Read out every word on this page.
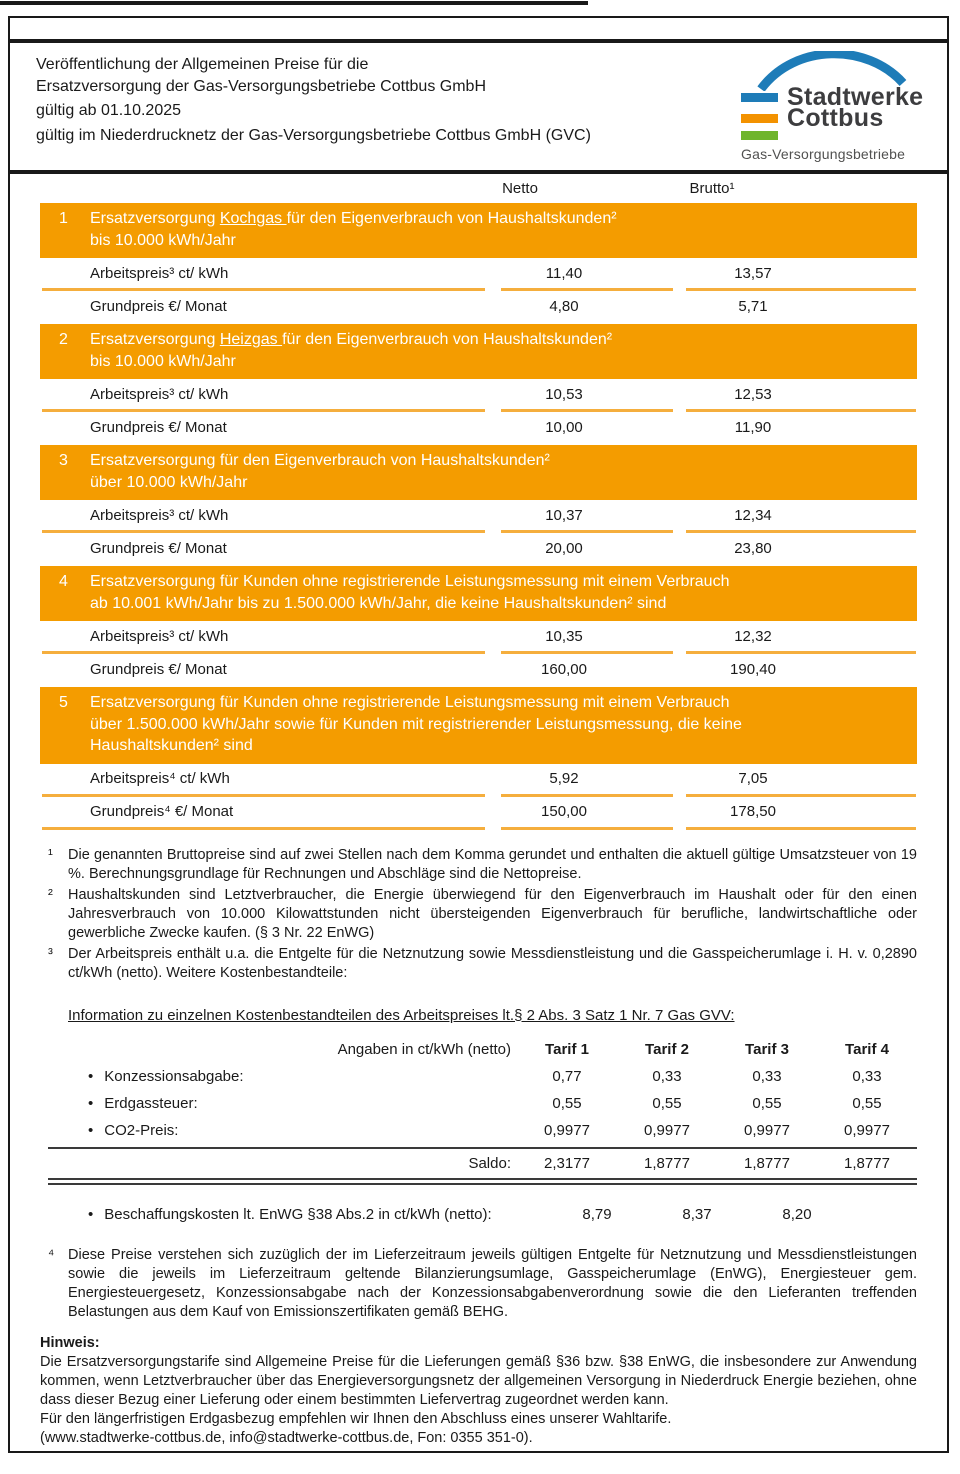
Veröffentlichung der Allgemeinen Preise für die
Ersatzversorgung der Gas-Versorgungsbetriebe Cottbus GmbH
gültig ab 01.10.2025
gültig im Niederdrucknetz der Gas-Versorgungsbetriebe Cottbus GmbH (GVC)
Stadtwerke
Cottbus
Gas-Versorgungsbetriebe
Netto	Brutto¹
1	Ersatzversorgung Kochgas für den Eigenverbrauch von Haushaltskunden²
bis 10.000 kWh/Jahr
Arbeitspreis³ ct/ kWh	11,40	13,57
Grundpreis €/ Monat	4,80	5,71
2	Ersatzversorgung Heizgas für den Eigenverbrauch von Haushaltskunden²
bis 10.000 kWh/Jahr
Arbeitspreis³ ct/ kWh	10,53	12,53
Grundpreis €/ Monat	10,00	11,90
3	Ersatzversorgung für den Eigenverbrauch von Haushaltskunden²
über 10.000 kWh/Jahr
Arbeitspreis³ ct/ kWh	10,37	12,34
Grundpreis €/ Monat	20,00	23,80
4	Ersatzversorgung für Kunden ohne registrierende Leistungsmessung mit einem Verbrauch
ab 10.001 kWh/Jahr bis zu 1.500.000 kWh/Jahr, die keine Haushaltskunden² sind
Arbeitspreis³ ct/ kWh	10,35	12,32
Grundpreis €/ Monat	160,00	190,40
5	Ersatzversorgung für Kunden ohne registrierende Leistungsmessung mit einem Verbrauch
über 1.500.000 kWh/Jahr sowie für Kunden mit registrierender Leistungsmessung, die keine
Haushaltskunden² sind
Arbeitspreis⁴ ct/ kWh	5,92	7,05
Grundpreis⁴ €/ Monat	150,00	178,50
¹	Die genannten Bruttopreise sind auf zwei Stellen nach dem Komma gerundet und enthalten die aktuell gültige Umsatzsteuer von 19 %. Berechnungsgrundlage für Rechnungen und Abschläge sind die Nettopreise.
²	Haushaltskunden sind Letztverbraucher, die Energie überwiegend für den Eigenverbrauch im Haushalt oder für den einen Jahresverbrauch von 10.000 Kilowattstunden nicht übersteigenden Eigenverbrauch für berufliche, landwirtschaftliche oder gewerbliche Zwecke kaufen. (§ 3 Nr. 22 EnWG)
³	Der Arbeitspreis enthält u.a. die Entgelte für die Netznutzung sowie Messdienstleistung und die Gasspeicherumlage i. H. v. 0,2890 ct/kWh (netto). Weitere Kostenbestandteile:
Information zu einzelnen Kostenbestandteilen des Arbeitspreises lt.§ 2 Abs. 3 Satz 1 Nr. 7 Gas GVV:
Angaben in ct/kWh (netto)	Tarif 1	Tarif 2	Tarif 3	Tarif 4
• Konzessionsabgabe:	0,77	0,33	0,33	0,33
• Erdgassteuer:	0,55	0,55	0,55	0,55
• CO2-Preis:	0,9977	0,9977	0,9977	0,9977
Saldo:	2,3177	1,8777	1,8777	1,8777
• Beschaffungskosten lt. EnWG §38 Abs.2 in ct/kWh (netto):	8,79	8,37	8,20
⁴ Diese Preise verstehen sich zuzüglich der im Lieferzeitraum jeweils gültigen Entgelte für Netznutzung und Messdienstleistungen sowie die jeweils im Lieferzeitraum geltende Bilanzierungsumlage, Gasspeicherumlage (EnWG), Energiesteuer gem. Energiesteuergesetz, Konzessionsabgabe nach der Konzessionsabgabenverordnung sowie die den Lieferanten treffenden Belastungen aus dem Kauf von Emissionszertifikaten gemäß BEHG.
Hinweis:
Die Ersatzversorgungstarife sind Allgemeine Preise für die Lieferungen gemäß §36 bzw. §38 EnWG, die insbesondere zur Anwendung kommen, wenn Letztverbraucher über das Energieversorgungsnetz der allgemeinen Versorgung in Niederdruck Energie beziehen, ohne dass dieser Bezug einer Lieferung oder einem bestimmten Liefervertrag zugeordnet werden kann.
Für den längerfristigen Erdgasbezug empfehlen wir Ihnen den Abschluss eines unserer Wahltarife.
(www.stadtwerke-cottbus.de, info@stadtwerke-cottbus.de, Fon: 0355 351-0).
